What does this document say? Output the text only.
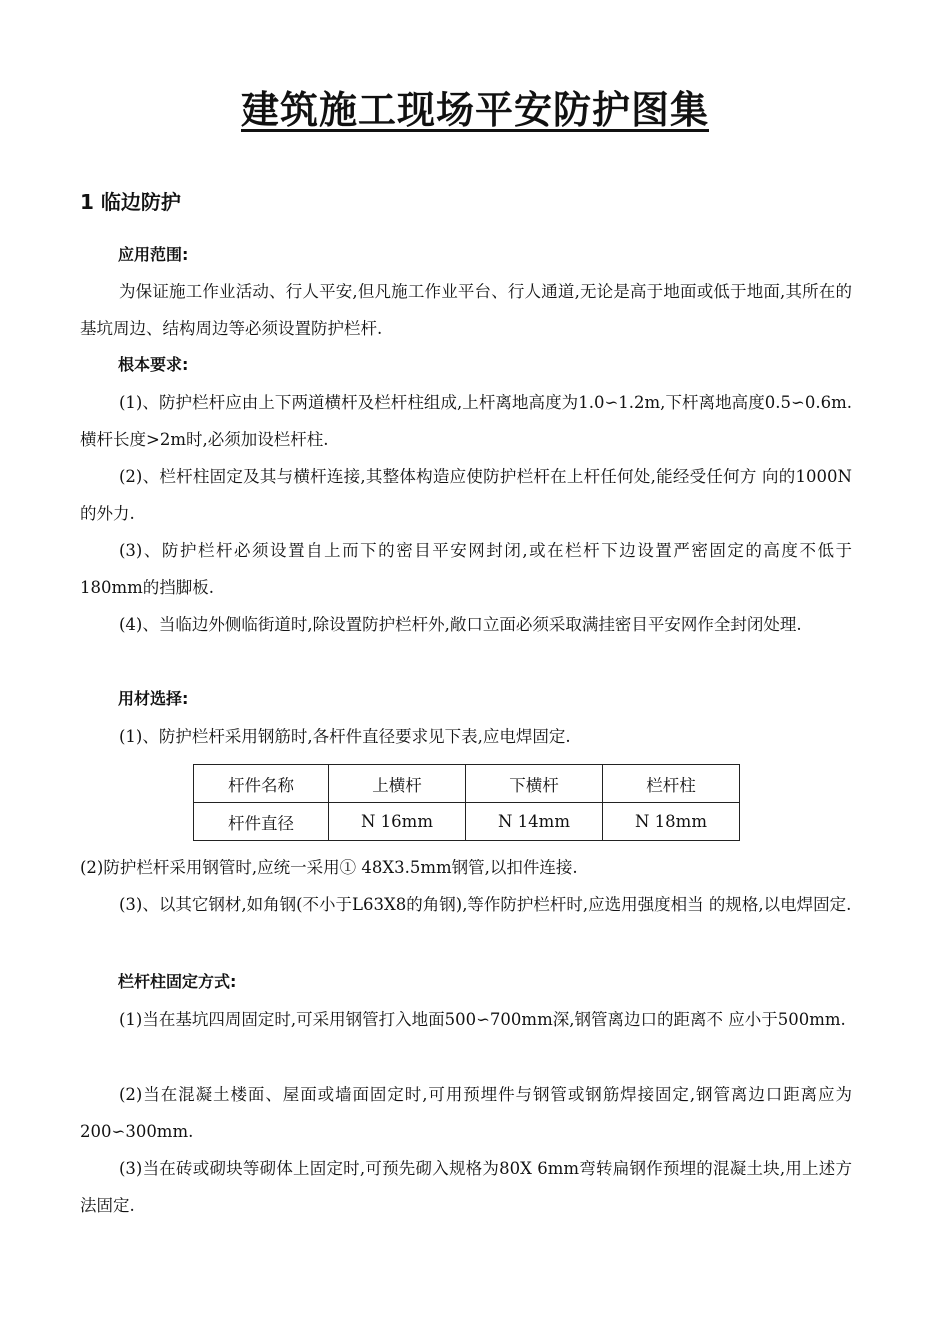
建筑施工现场平安防护图集
1 临边防护
应用范围:
为保证施工作业活动、行人平安,但凡施工作业平台、行人通道,无论是高于地面或低于地面,其所在的基坑周边、结构周边等必须设置防护栏杆.
根本要求:
(1)、防护栏杆应由上下两道横杆及栏杆柱组成,上杆离地高度为1.0∽1.2m,下杆离地高度0.5∽0.6m.横杆长度>2m时,必须加设栏杆柱.
(2)、栏杆柱固定及其与横杆连接,其整体构造应使防护栏杆在上杆任何处,能经受任何方 向的1000N的外力.
(3)、防护栏杆必须设置自上而下的密目平安网封闭,或在栏杆下边设置严密固定的高度不低于180mm的挡脚板.
(4)、当临边外侧临街道时,除设置防护栏杆外,敞口立面必须采取满挂密目平安网作全封闭处理.
用材选择:
(1)、防护栏杆采用钢筋时,各杆件直径要求见下表,应电焊固定.
杆件名称	上横杆	下横杆	栏杆柱
杆件直径	N 16mm	N 14mm	N 18mm
(2)防护栏杆采用钢管时,应统一采用① 48X3.5mm钢管,以扣件连接.
(3)、以其它钢材,如角钢(不小于L63X8的角钢),等作防护栏杆时,应选用强度相当 的规格,以电焊固定.
栏杆柱固定方式:
(1)当在基坑四周固定时,可采用钢管打入地面500∽700mm深,钢管离边口的距离不 应小于500mm.
(2)当在混凝土楼面、屋面或墙面固定时,可用预埋件与钢管或钢筋焊接固定,钢管离边口距离应为200∽300mm.
(3)当在砖或砌块等砌体上固定时,可预先砌入规格为80X 6mm弯转扁钢作预埋的混凝土块,用上述方法固定.
